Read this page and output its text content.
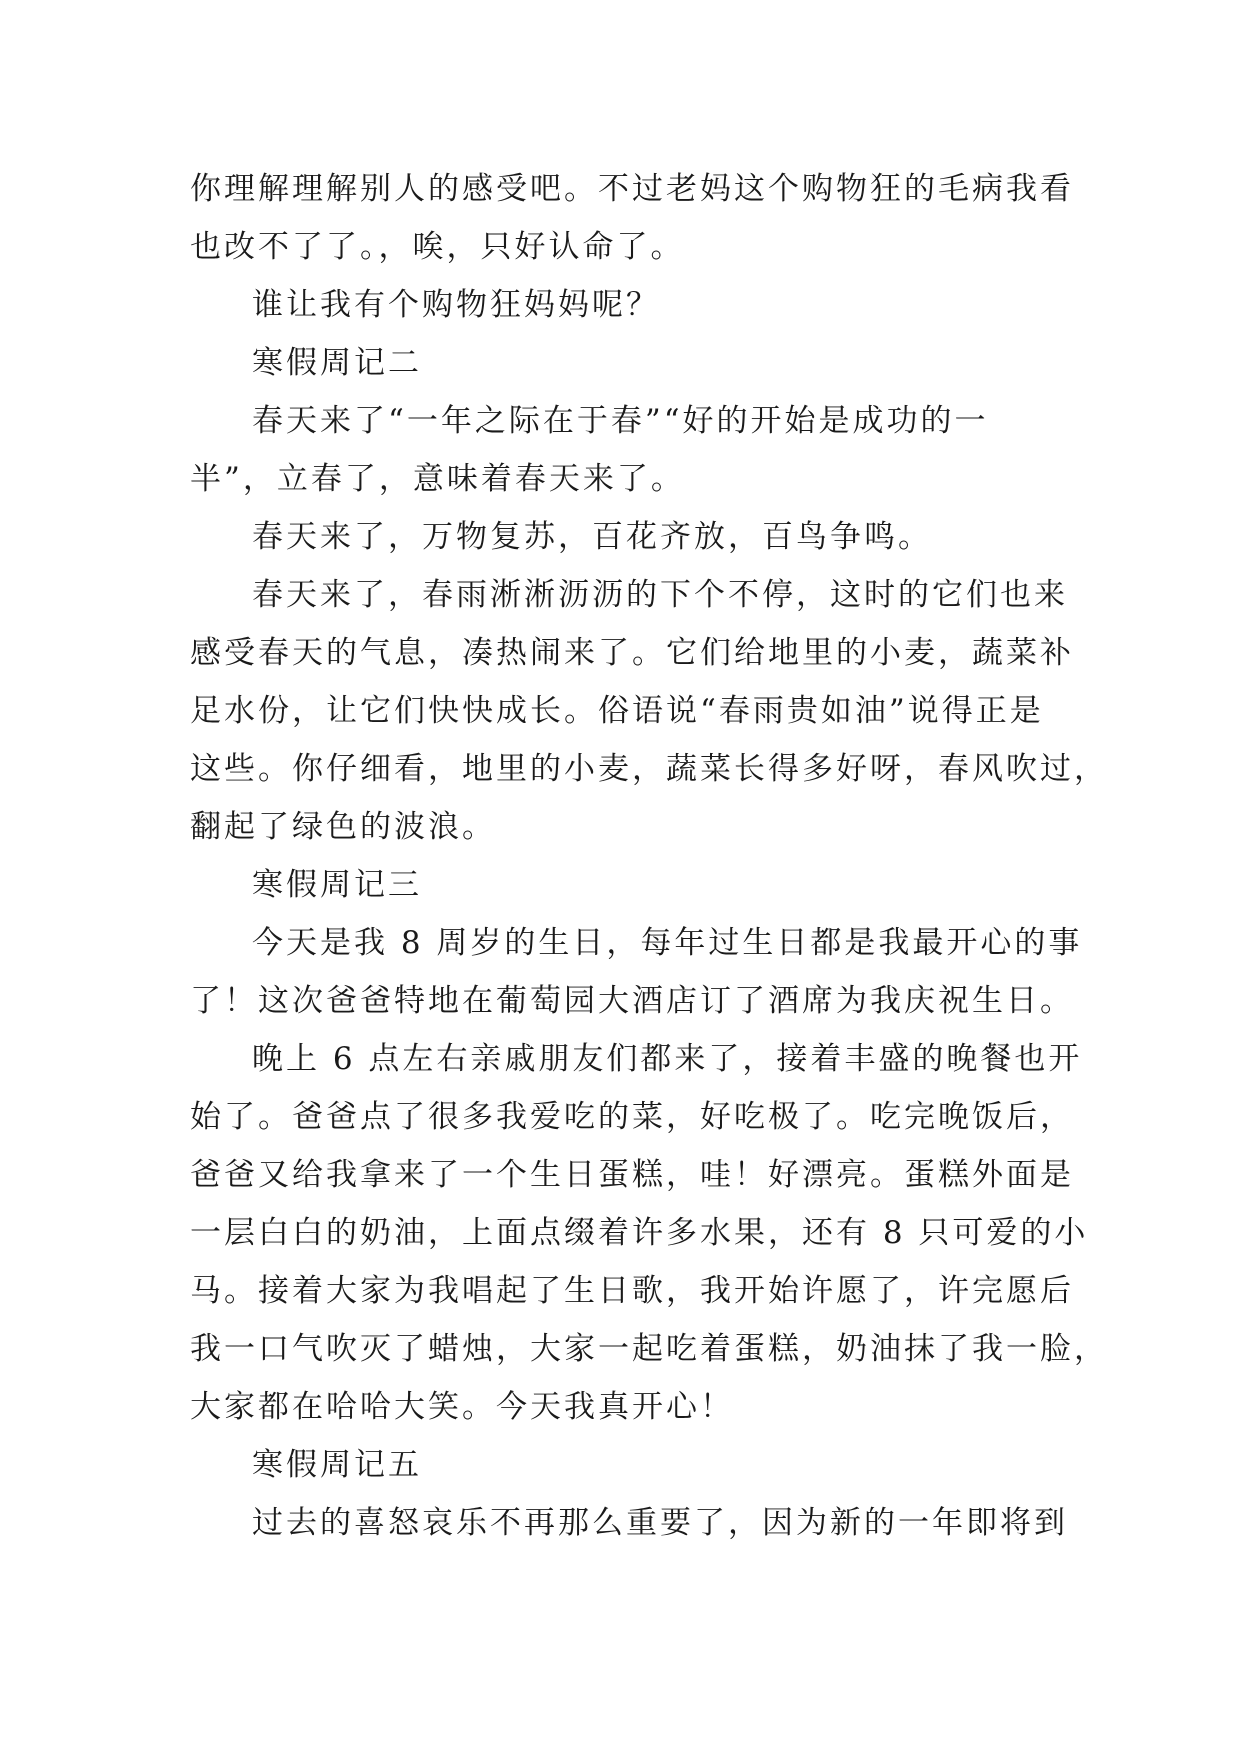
你理解理解别人的感受吧。不过老妈这个购物狂的毛病我看
也改不了了。，唉，只好认命了。

谁让我有个购物狂妈妈呢？

寒假周记二

春天来了“一年之际在于春”“好的开始是成功的一
半”，立春了，意味着春天来了。

春天来了，万物复苏，百花齐放，百鸟争鸣。

春天来了，春雨淅淅沥沥的下个不停，这时的它们也来
感受春天的气息，凑热闹来了。它们给地里的小麦，蔬菜补
足水份，让它们快快成长。俗语说“春雨贵如油”说得正是
这些。你仔细看，地里的小麦，蔬菜长得多好呀，春风吹过，
翻起了绿色的波浪。

寒假周记三

今天是我 8 周岁的生日，每年过生日都是我最开心的事
了！这次爸爸特地在葡萄园大酒店订了酒席为我庆祝生日。

晚上 6 点左右亲戚朋友们都来了，接着丰盛的晚餐也开
始了。爸爸点了很多我爱吃的菜，好吃极了。吃完晚饭后，
爸爸又给我拿来了一个生日蛋糕，哇！好漂亮。蛋糕外面是
一层白白的奶油，上面点缀着许多水果，还有 8 只可爱的小
马。接着大家为我唱起了生日歌，我开始许愿了，许完愿后
我一口气吹灭了蜡烛，大家一起吃着蛋糕，奶油抹了我一脸，
大家都在哈哈大笑。今天我真开心！

寒假周记五

过去的喜怒哀乐不再那么重要了，因为新的一年即将到
